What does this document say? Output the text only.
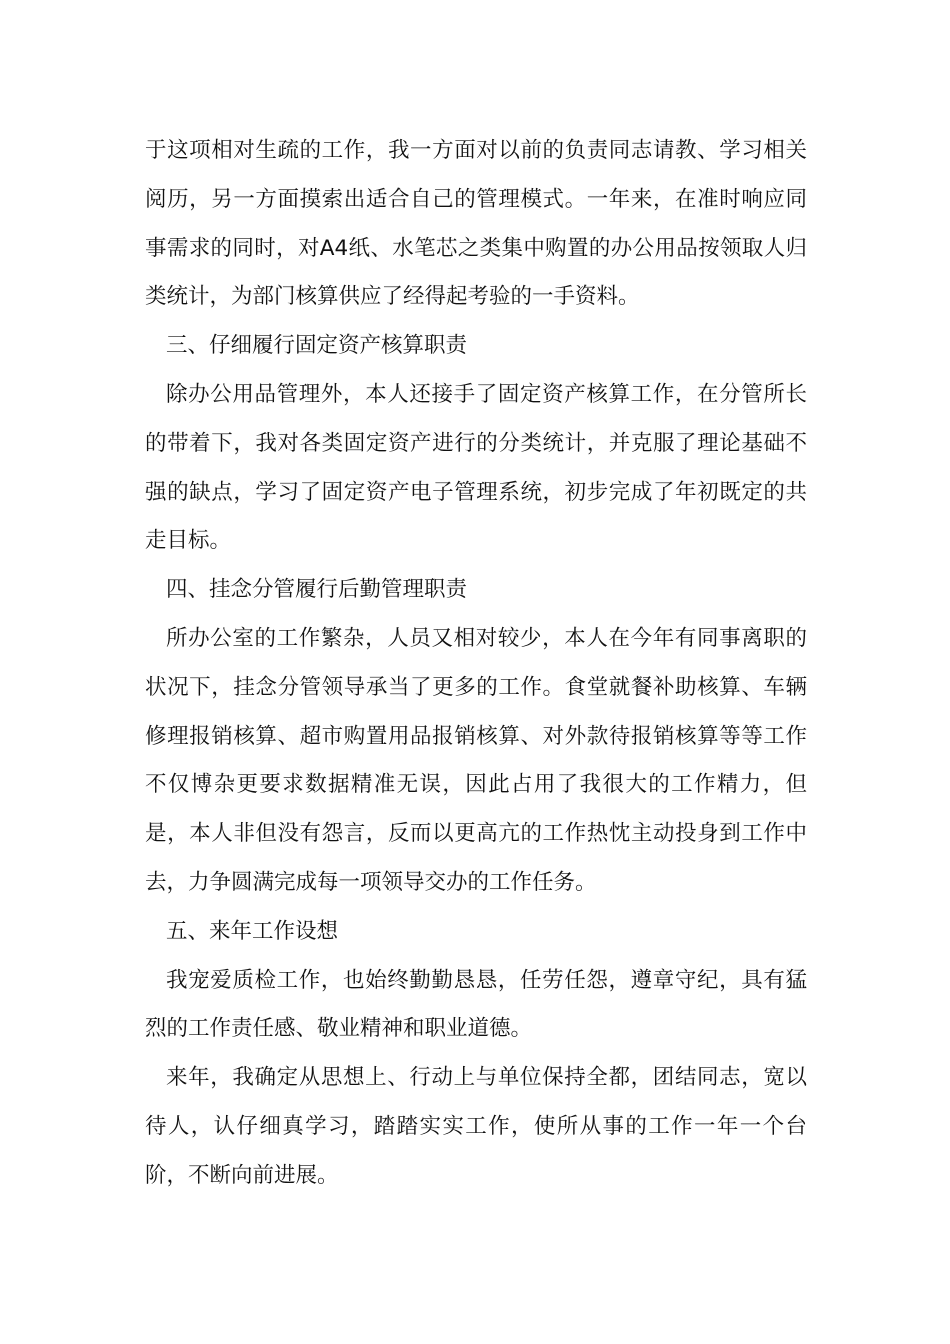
于这项相对生疏的工作，我一方面对以前的负责同志请教、学习相关阅历，另一方面摸索出适合自己的管理模式。一年来，在准时响应同事需求的同时，对A4纸、水笔芯之类集中购置的办公用品按领取人归类统计，为部门核算供应了经得起考验的一手资料。

三、仔细履行固定资产核算职责

除办公用品管理外，本人还接手了固定资产核算工作，在分管所长的带着下，我对各类固定资产进行的分类统计，并克服了理论基础不强的缺点，学习了固定资产电子管理系统，初步完成了年初既定的共走目标。

四、挂念分管履行后勤管理职责

所办公室的工作繁杂，人员又相对较少，本人在今年有同事离职的状况下，挂念分管领导承当了更多的工作。食堂就餐补助核算、车辆修理报销核算、超市购置用品报销核算、对外款待报销核算等等工作不仅博杂更要求数据精准无误，因此占用了我很大的工作精力，但是，本人非但没有怨言，反而以更高亢的工作热忱主动投身到工作中去，力争圆满完成每一项领导交办的工作任务。

五、来年工作设想

我宠爱质检工作，也始终勤勤恳恳，任劳任怨，遵章守纪，具有猛烈的工作责任感、敬业精神和职业道德。

来年，我确定从思想上、行动上与单位保持全都，团结同志，宽以待人，认仔细真学习，踏踏实实工作，使所从事的工作一年一个台阶，不断向前进展。
